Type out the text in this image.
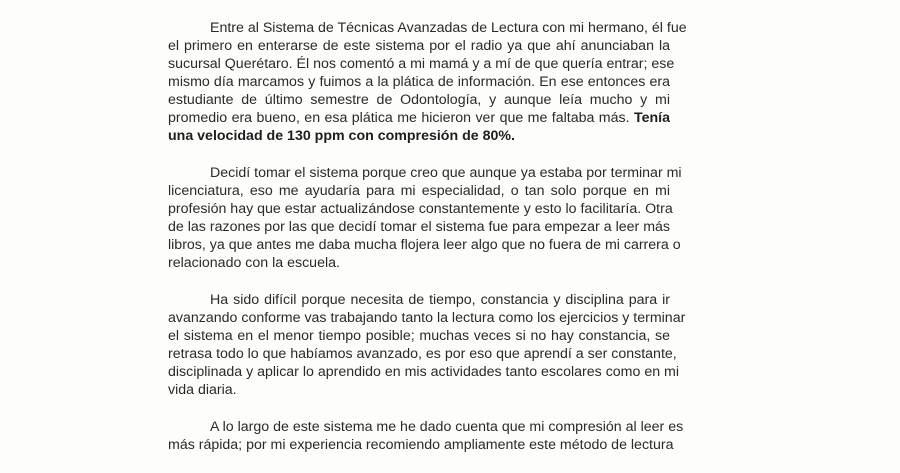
Entre al Sistema de Técnicas Avanzadas de Lectura con mi hermano, él fue
el primero en enterarse de este sistema por el radio ya que ahí anunciaban la
sucursal Querétaro. Él nos comentó a mi mamá y a mí de que quería entrar; ese
mismo día marcamos y fuimos a la plática de información. En ese entonces era
estudiante de último semestre de Odontología, y aunque leía mucho y mi
promedio era bueno, en esa plática me hicieron ver que me faltaba más. Tenía
una velocidad de 130 ppm con compresión de 80%.
Decidí tomar el sistema porque creo que aunque ya estaba por terminar mi
licenciatura, eso me ayudaría para mi especialidad, o tan solo porque en mi
profesión hay que estar actualizándose constantemente y esto lo facilitaría. Otra
de las razones por las que decidí tomar el sistema fue para empezar a leer más
libros, ya que antes me daba mucha flojera leer algo que no fuera de mi carrera o
relacionado con la escuela.
Ha sido difícil porque necesita de tiempo, constancia y disciplina para ir
avanzando conforme vas trabajando tanto la lectura como los ejercicios y terminar
el sistema en el menor tiempo posible; muchas veces si no hay constancia, se
retrasa todo lo que habíamos avanzado, es por eso que aprendí a ser constante,
disciplinada y aplicar lo aprendido en mis actividades tanto escolares como en mi
vida diaria.
A lo largo de este sistema me he dado cuenta que mi compresión al leer es
más rápida; por mi experiencia recomiendo ampliamente este método de lectura
